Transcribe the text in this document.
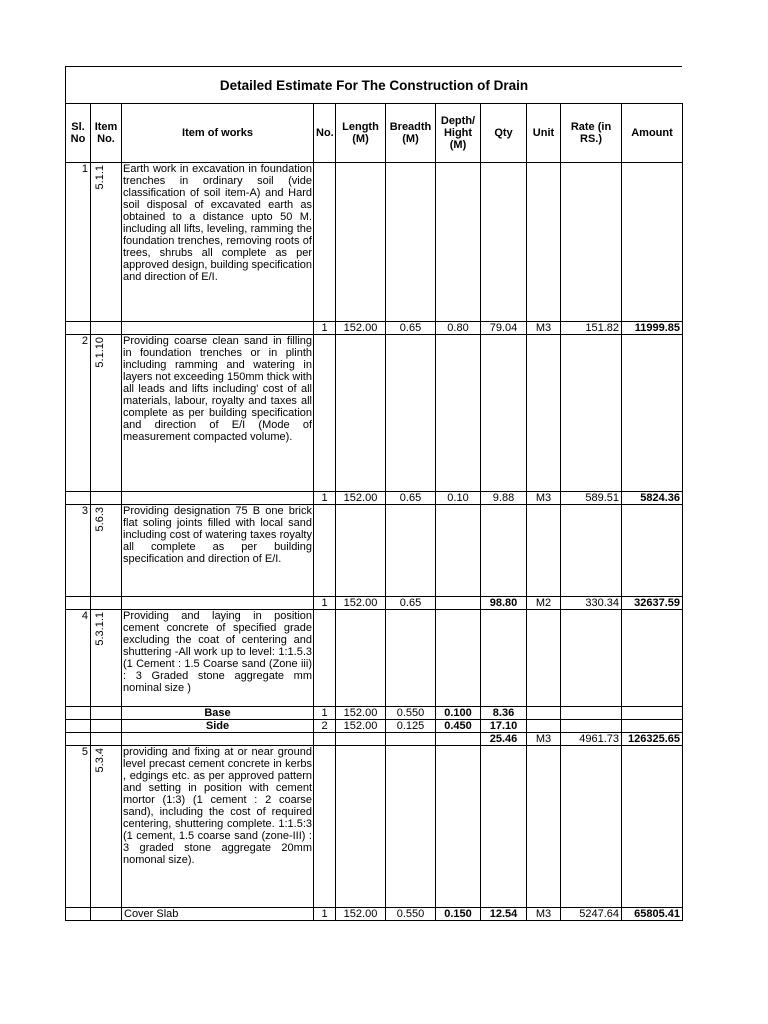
Detailed Estimate For The Construction of Drain
Sl. No	Item No.	Item of works	No.	Length (M)	Breadth (M)	Depth/ Hight (M)	Qty	Unit	Rate (in RS.)	Amount
1	5.1.1	Earth work in excavation in foundation trenches in ordinary soil (vide classification of soil item-A) and Hard soil disposal of excavated earth as obtained to a distance upto 50 M. including all lifts, leveling, ramming the foundation trenches, removing roots of trees, shrubs all complete as per approved design, building specification and direction of E/I.								
			1	152.00	0.65	0.80	79.04	M3	151.82	11999.85
2	5.1.10	Providing coarse clean sand in filling in foundation trenches or in plinth including ramming and watering in layers not exceeding 150mm thick with all leads and lifts including' cost of all materials, labour, royalty and taxes all complete as per building specification and direction of E/I (Mode of measurement compacted volume).								
			1	152.00	0.65	0.10	9.88	M3	589.51	5824.36
3	5.6.3	Providing designation 75 B one brick flat soling joints filled with local sand including cost of watering taxes royalty all complete as per building specification and direction of E/I.								
			1	152.00	0.65		98.80	M2	330.34	32637.59
4	5.3.1.1	Providing and laying in position cement concrete of specified grade excluding the coat of centering and shuttering -All work up to level: 1:1.5.3 (1 Cement : 1.5 Coarse sand (Zone iii) : 3 Graded stone aggregate mm nominal size )								
		Base	1	152.00	0.550	0.100	8.36			
		Side	2	152.00	0.125	0.450	17.10			
							25.46	M3	4961.73	126325.65
5	5.3.4	providing and fixing at or near ground level precast cement concrete in kerbs , edgings etc. as per approved pattern and setting in position with cement mortor (1:3) (1 cement : 2 coarse sand), including the cost of required centering, shuttering complete. 1:1.5:3 (1 cement, 1.5 coarse sand (zone-III) : 3 graded stone aggregate 20mm nomonal size).								
		Cover Slab	1	152.00	0.550	0.150	12.54	M3	5247.64	65805.41
